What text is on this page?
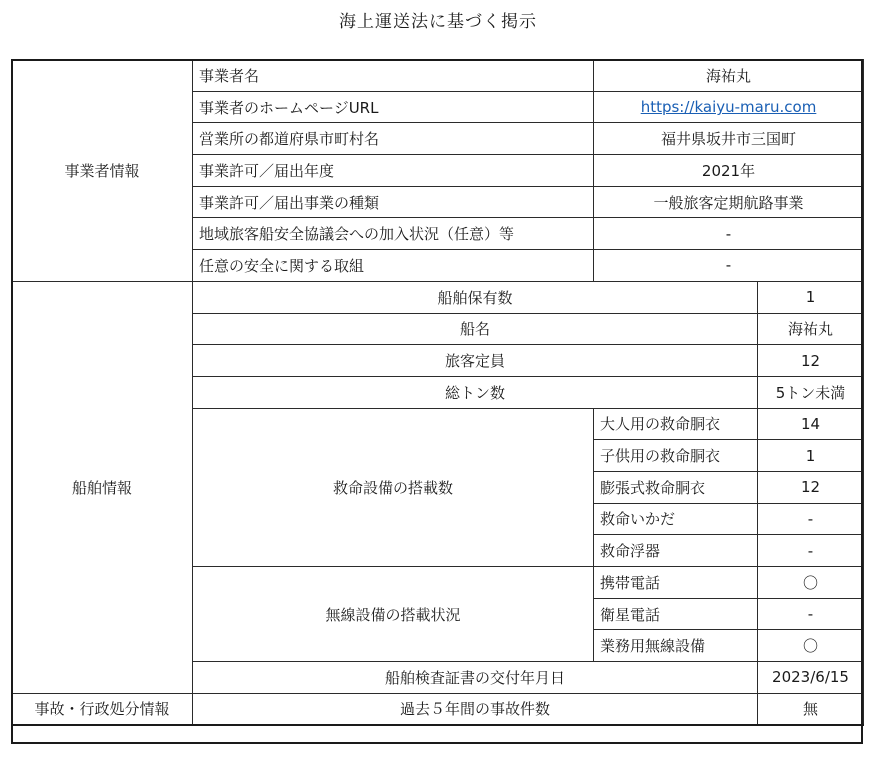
海上運送法に基づく掲示
事業者情報	事業者名	海祐丸	
	事業者のホームページURL	https://kaiyu-maru.com	
	営業所の都道府県市町村名	福井県坂井市三国町	
	事業許可／届出年度	2021年	
	事業許可／届出事業の種類	一般旅客定期航路事業	
	地域旅客船安全協議会への加入状況（任意）等	-	
	任意の安全に関する取組	-	
船舶情報	船舶保有数		1
	船名		海祐丸
	旅客定員		12
	総トン数		5トン未満
	救命設備の搭載数	大人用の救命胴衣	14
		子供用の救命胴衣	1
		膨張式救命胴衣	12
		救命いかだ	-
		救命浮器	-
	無線設備の搭載状況	携帯電話	〇
		衛星電話	-
		業務用無線設備	〇
	船舶検査証書の交付年月日		2023/6/15
事故・行政処分情報	過去５年間の事故件数		無
